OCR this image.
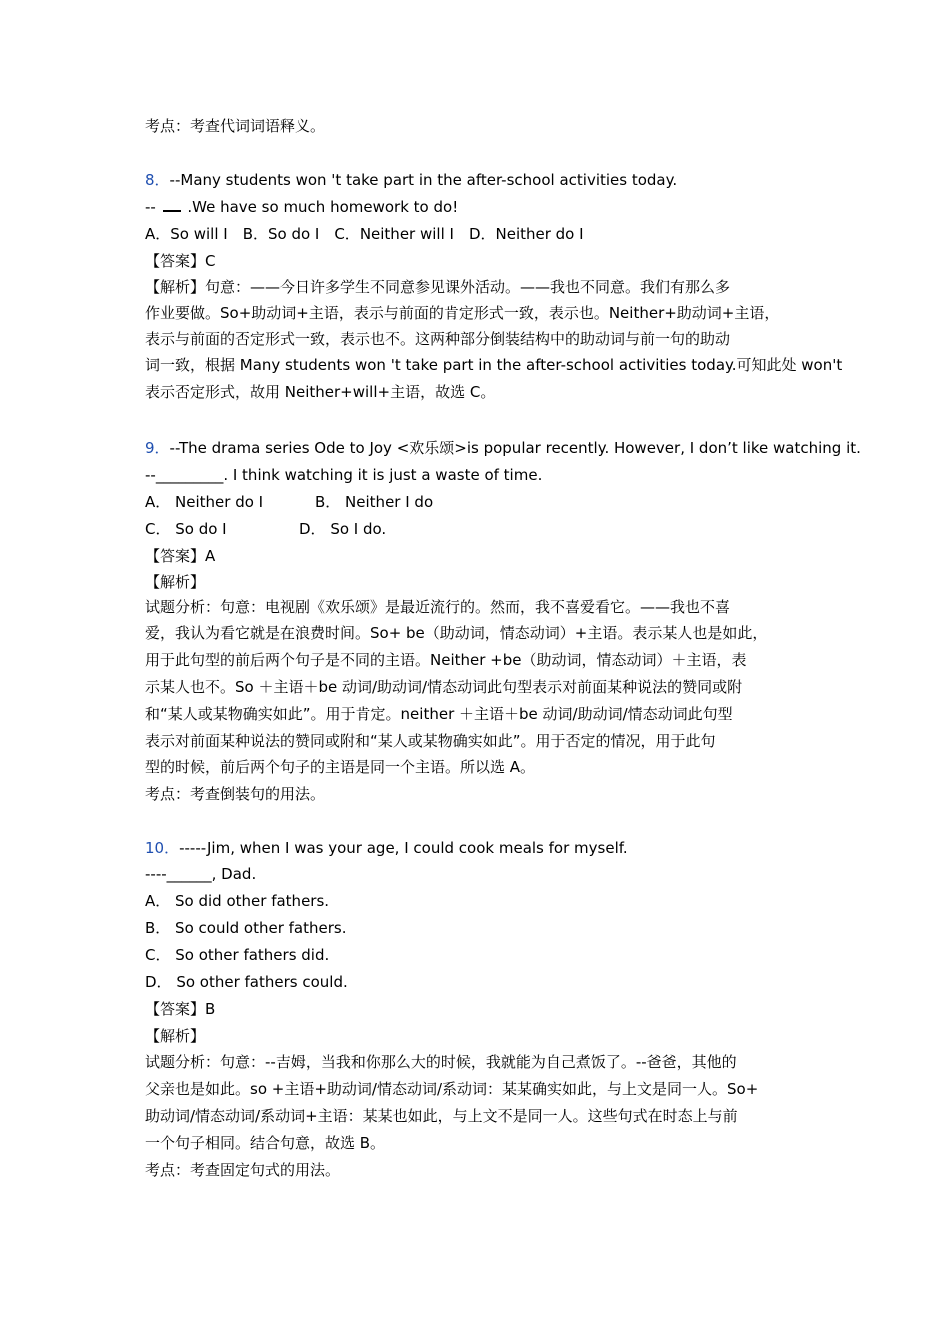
考点：考查代词词语释义。
8．--Many students won 't take part in the after-school activities today.
-- .We have so much homework to do!
A．So will I　B．So do I　C．Neither will I　D．Neither do I
【答案】C
【解析】句意：——今日许多学生不同意参见课外活动。——我也不同意。我们有那么多
作业要做。So+助动词+主语，表示与前面的肯定形式一致，表示也。Neither+助动词+主语，
表示与前面的否定形式一致，表示也不。这两种部分倒装结构中的助动词与前一句的助动
词一致，根据 Many students won 't take part in the after-school activities today.可知此处 won't
表示否定形式，故用 Neither+will+主语，故选 C。
9．--The drama series Ode to Joy <欢乐颂>is popular recently. However, I don’t like watching it.
--_________. I think watching it is just a waste of time.
A． Neither do I	B． Neither I do
C． So do I	D． So I do.
【答案】A
【解析】
试题分析：句意：电视剧《欢乐颂》是最近流行的。然而，我不喜爱看它。——我也不喜
爱，我认为看它就是在浪费时间。So+ be（助动词，情态动词）+主语。表示某人也是如此，
用于此句型的前后两个句子是不同的主语。Neither +be（助动词，情态动词）＋主语，表
示某人也不。So ＋主语＋be 动词/助动词/情态动词此句型表示对前面某种说法的赞同或附
和“某人或某物确实如此”。用于肯定。neither ＋主语＋be 动词/助动词/情态动词此句型
表示对前面某种说法的赞同或附和“某人或某物确实如此”。用于否定的情况，用于此句
型的时候，前后两个句子的主语是同一个主语。所以选 A。
考点：考查倒装句的用法。
10．-----Jim, when I was your age, I could cook meals for myself.
----______, Dad.
A． So did other fathers.
B． So could other fathers.
C． So other fathers did.
D． So other fathers could.
【答案】B
【解析】
试题分析：句意：--吉姆，当我和你那么大的时候，我就能为自己煮饭了。--爸爸，其他的
父亲也是如此。so +主语+助动词/情态动词/系动词：某某确实如此，与上文是同一人。So+
助动词/情态动词/系动词+主语：某某也如此，与上文不是同一人。这些句式在时态上与前
一个句子相同。结合句意，故选 B。
考点：考查固定句式的用法。
